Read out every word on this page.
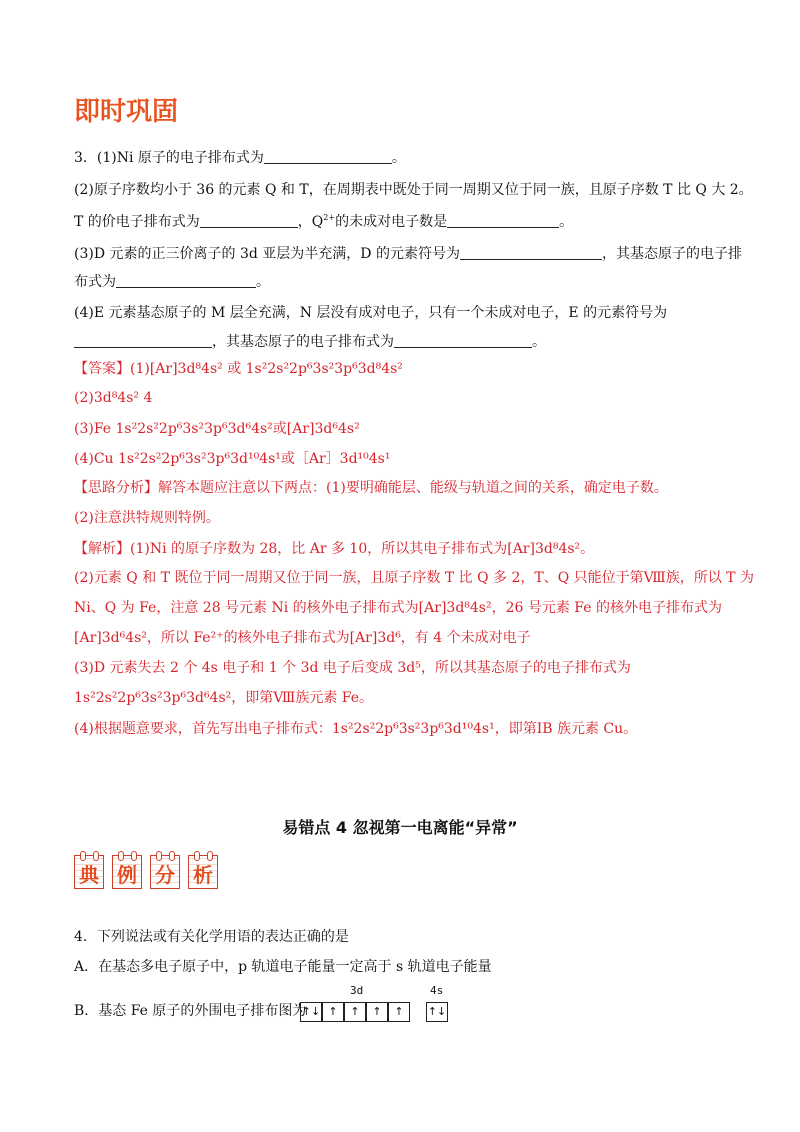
即时巩固
3．(1)Ni 原子的电子排布式为	。
(2)原子序数均小于 36 的元素 Q 和 T，在周期表中既处于同一周期又位于同一族，且原子序数 T 比 Q 大 2。
T 的价电子排布式为	，$Q^{2+}$的未成对电子数是	。
(3)D 元素的正三价离子的 3d 亚层为半充满，D 的元素符号为	，其基态原子的电子排
布式为	。
(4)E 元素基态原子的 M 层全充满，N 层没有成对电子，只有一个未成对电子，E 的元素符号为
，其基态原子的电子排布式为	。
【答案】(1)[Ar]3d⁸4s² 或 1s²2s²2p⁶3s²3p⁶3d⁸4s²
(2)3d⁸4s² 4
(3)Fe 1s²2s²2p⁶3s²3p⁶3d⁶4s²或[Ar]3d⁶4s²
(4)Cu 1s²2s²2p⁶3s²3p⁶3d¹⁰4s¹或［Ar］3d¹⁰4s¹
【思路分析】解答本题应注意以下两点：(1)要明确能层、能级与轨道之间的关系，确定电子数。
(2)注意洪特规则特例。
【解析】(1)Ni 的原子序数为 28，比 Ar 多 10，所以其电子排布式为[Ar]3d⁸4s²。
(2)元素 Q 和 T 既位于同一周期又位于同一族，且原子序数 T 比 Q 多 2，T、Q 只能位于第Ⅷ族，所以 T 为
Ni、Q 为 Fe，注意 28 号元素 Ni 的核外电子排布式为[Ar]3d⁸4s²，26 号元素 Fe 的核外电子排布式为
[Ar]3d⁶4s²，所以 Fe²⁺的核外电子排布式为[Ar]3d⁶，有 4 个未成对电子
(3)D 元素失去 2 个 4s 电子和 1 个 3d 电子后变成 3d⁵，所以其基态原子的电子排布式为
1s²2s²2p⁶3s²3p⁶3d⁶4s²，即第Ⅷ族元素 Fe。
(4)根据题意要求，首先写出电子排布式：1s²2s²2p⁶3s²3p⁶3d¹⁰4s¹，即第ⅠB 族元素 Cu。
易错点 4 忽视第一电离能“异常”
典 例 分 析
4．下列说法或有关化学用语的表达正确的是
A．在基态多电子原子中，p 轨道电子能量一定高于 s 轨道电子能量
B．基态 Fe 原子的外围电子排布图为
3d	4s
↑↓ ↑	↑	↑	↑	↑↓
